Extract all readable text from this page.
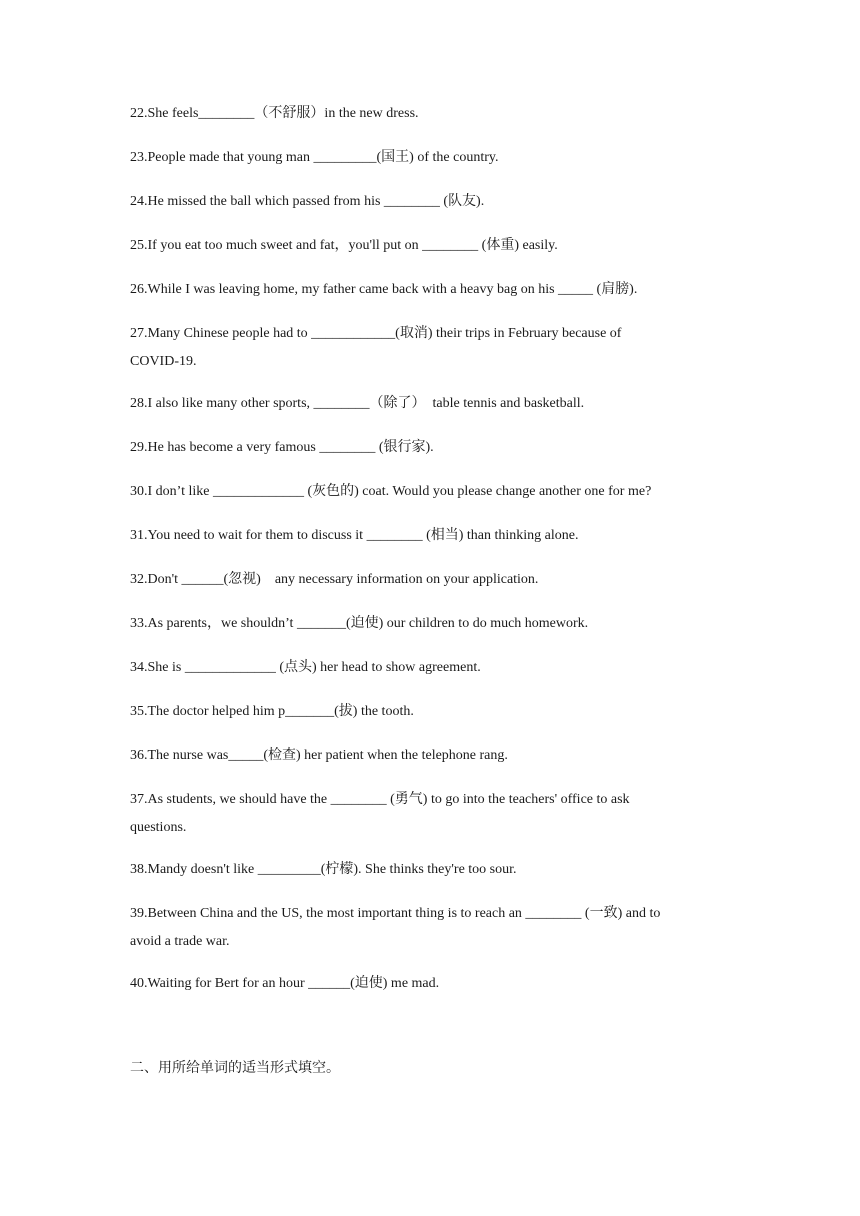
22.She feels________（不舒服）in the new dress.
23.People made that young man _________(国王) of the country.
24.He missed the ball which passed from his ________ (队友).
25.If you eat too much sweet and fat，you'll put on ________ (体重) easily.
26.While I was leaving home, my father came back with a heavy bag on his _____ (肩膀).
27.Many Chinese people had to ____________(取消) their trips in February because of
COVID-19.
28.I also like many other sports, ________（除了）  table tennis and basketball.
29.He has become a very famous ________ (银行家).
30.I don’t like _____________ (灰色的) coat. Would you please change another one for me?
31.You need to wait for them to discuss it ________ (相当) than thinking alone.
32.Don't ______(忽视)    any necessary information on your application.
33.As parents，we shouldn’t _______(迫使) our children to do much homework.
34.She is _____________ (点头) her head to show agreement.
35.The doctor helped him p_______(拔) the tooth.
36.The nurse was_____(检查) her patient when the telephone rang.
37.As students, we should have the ________ (勇气) to go into the teachers' office to ask
questions.
38.Mandy doesn't like _________(柠檬). She thinks they're too sour.
39.Between China and the US, the most important thing is to reach an ________ (一致) and to
avoid a trade war.
40.Waiting for Bert for an hour ______(迫使) me mad.
二、用所给单词的适当形式填空。
